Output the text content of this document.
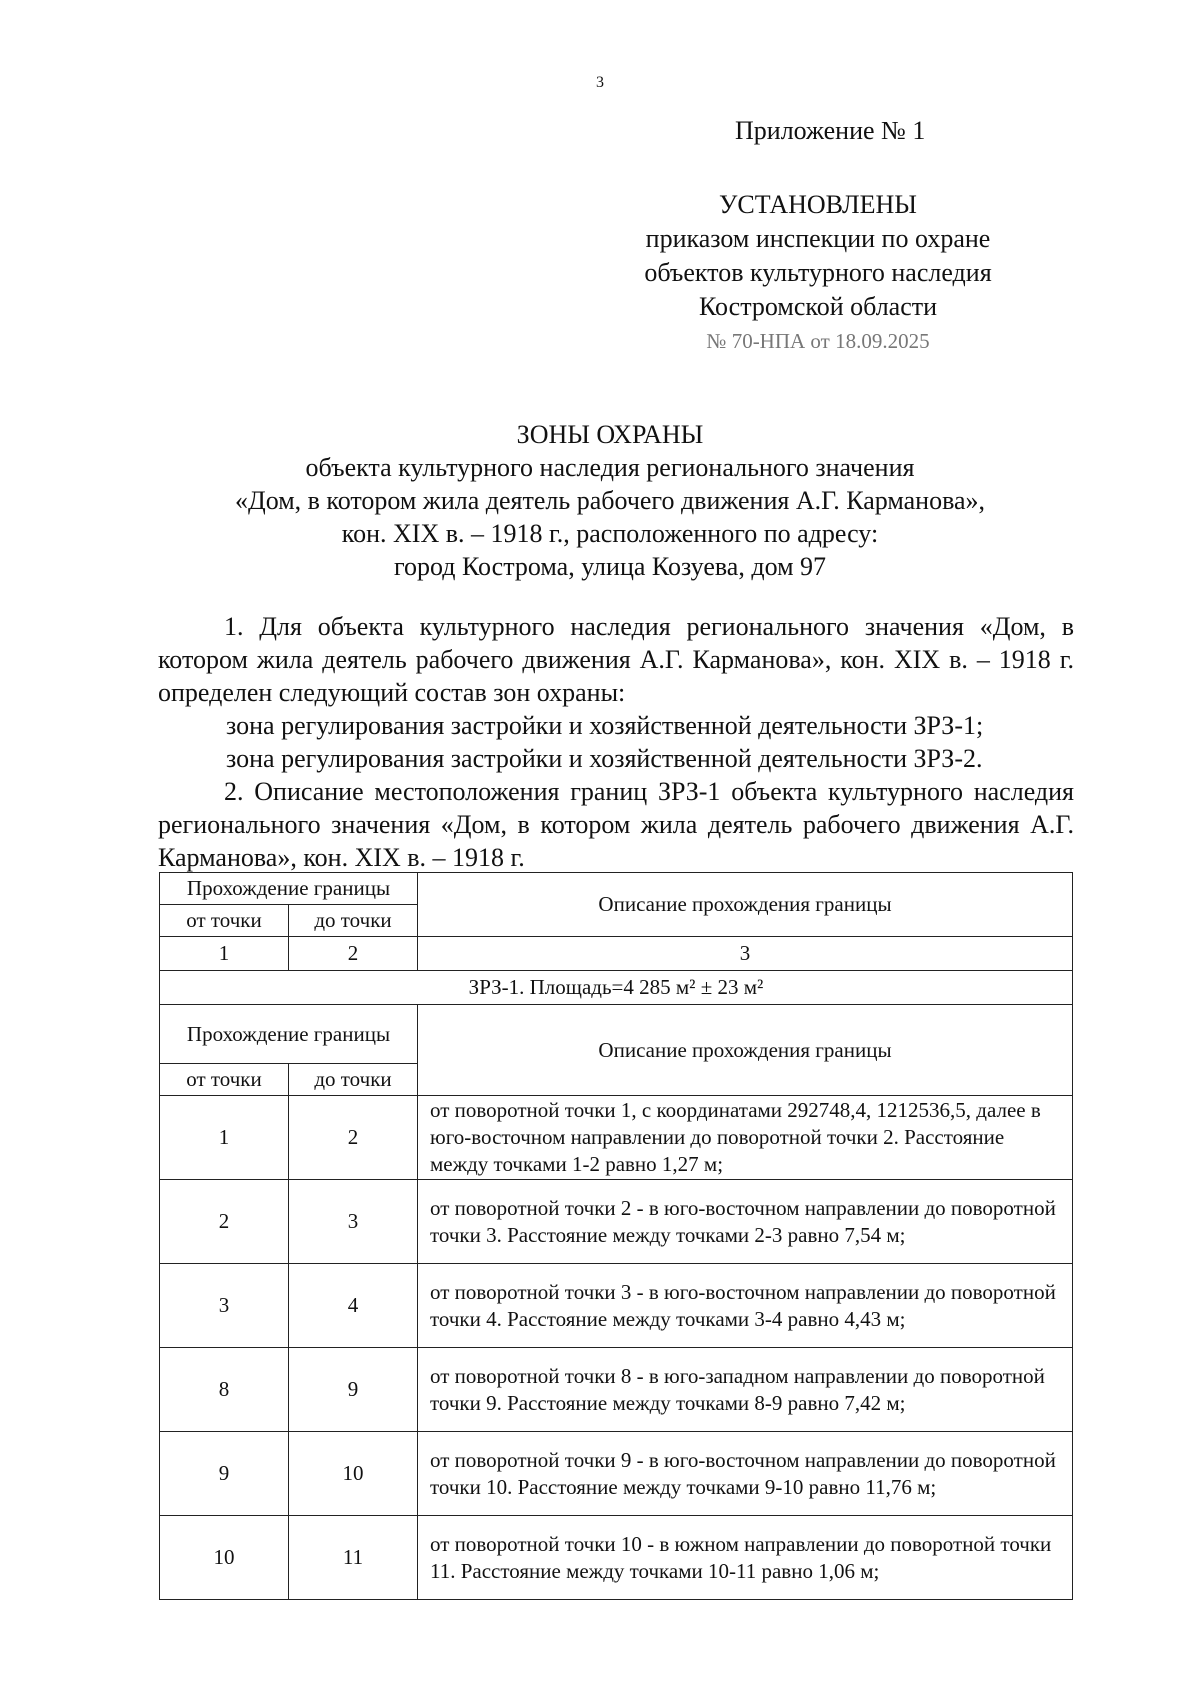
3
Приложение № 1
УСТАНОВЛЕНЫ
приказом инспекции по охране
объектов культурного наследия
Костромской области
№ 70-НПА от 18.09.2025
ЗОНЫ ОХРАНЫ
объекта культурного наследия регионального значения
«Дом, в котором жила деятель рабочего движения А.Г. Карманова»,
кон. XIX в. – 1918 г., расположенного по адресу:
город Кострома, улица Козуева, дом 97

1. Для объекта культурного наследия регионального значения «Дом, в котором жила деятель рабочего движения А.Г. Карманова», кон. XIX в. – 1918 г. определен следующий состав зон охраны:

зона регулирования застройки и хозяйственной деятельности ЗРЗ-1;

зона регулирования застройки и хозяйственной деятельности ЗРЗ-2.

2. Описание местоположения границ ЗРЗ-1 объекта культурного наследия регионального значения «Дом, в котором жила деятель рабочего движения А.Г. Карманова», кон. XIX в. – 1918 г.

Прохождение границы		Описание прохождения границы
от точки	до точки	
1	2	3
ЗРЗ-1. Площадь=4 285 м² ± 23 м²		
Прохождение границы		Описание прохождения границы
от точки	до точки	
1	2	от поворотной точки 1, с координатами 292748,4, 1212536,5, далее в юго-восточном направлении до поворотной точки 2. Расстояние между точками 1-2 равно 1,27 м;
2	3	от поворотной точки 2 - в юго-восточном направлении до поворотной точки 3. Расстояние между точками 2-3 равно 7,54 м;
3	4	от поворотной точки 3 - в юго-восточном направлении до поворотной точки 4. Расстояние между точками 3-4 равно 4,43 м;
8	9	от поворотной точки 8 - в юго-западном направлении до поворотной точки 9. Расстояние между точками 8-9 равно 7,42 м;
9	10	от поворотной точки 9 - в юго-восточном направлении до поворотной точки 10. Расстояние между точками 9-10 равно 11,76 м;
10	11	от поворотной точки 10 - в южном направлении до поворотной точки 11. Расстояние между точками 10-11 равно 1,06 м;
